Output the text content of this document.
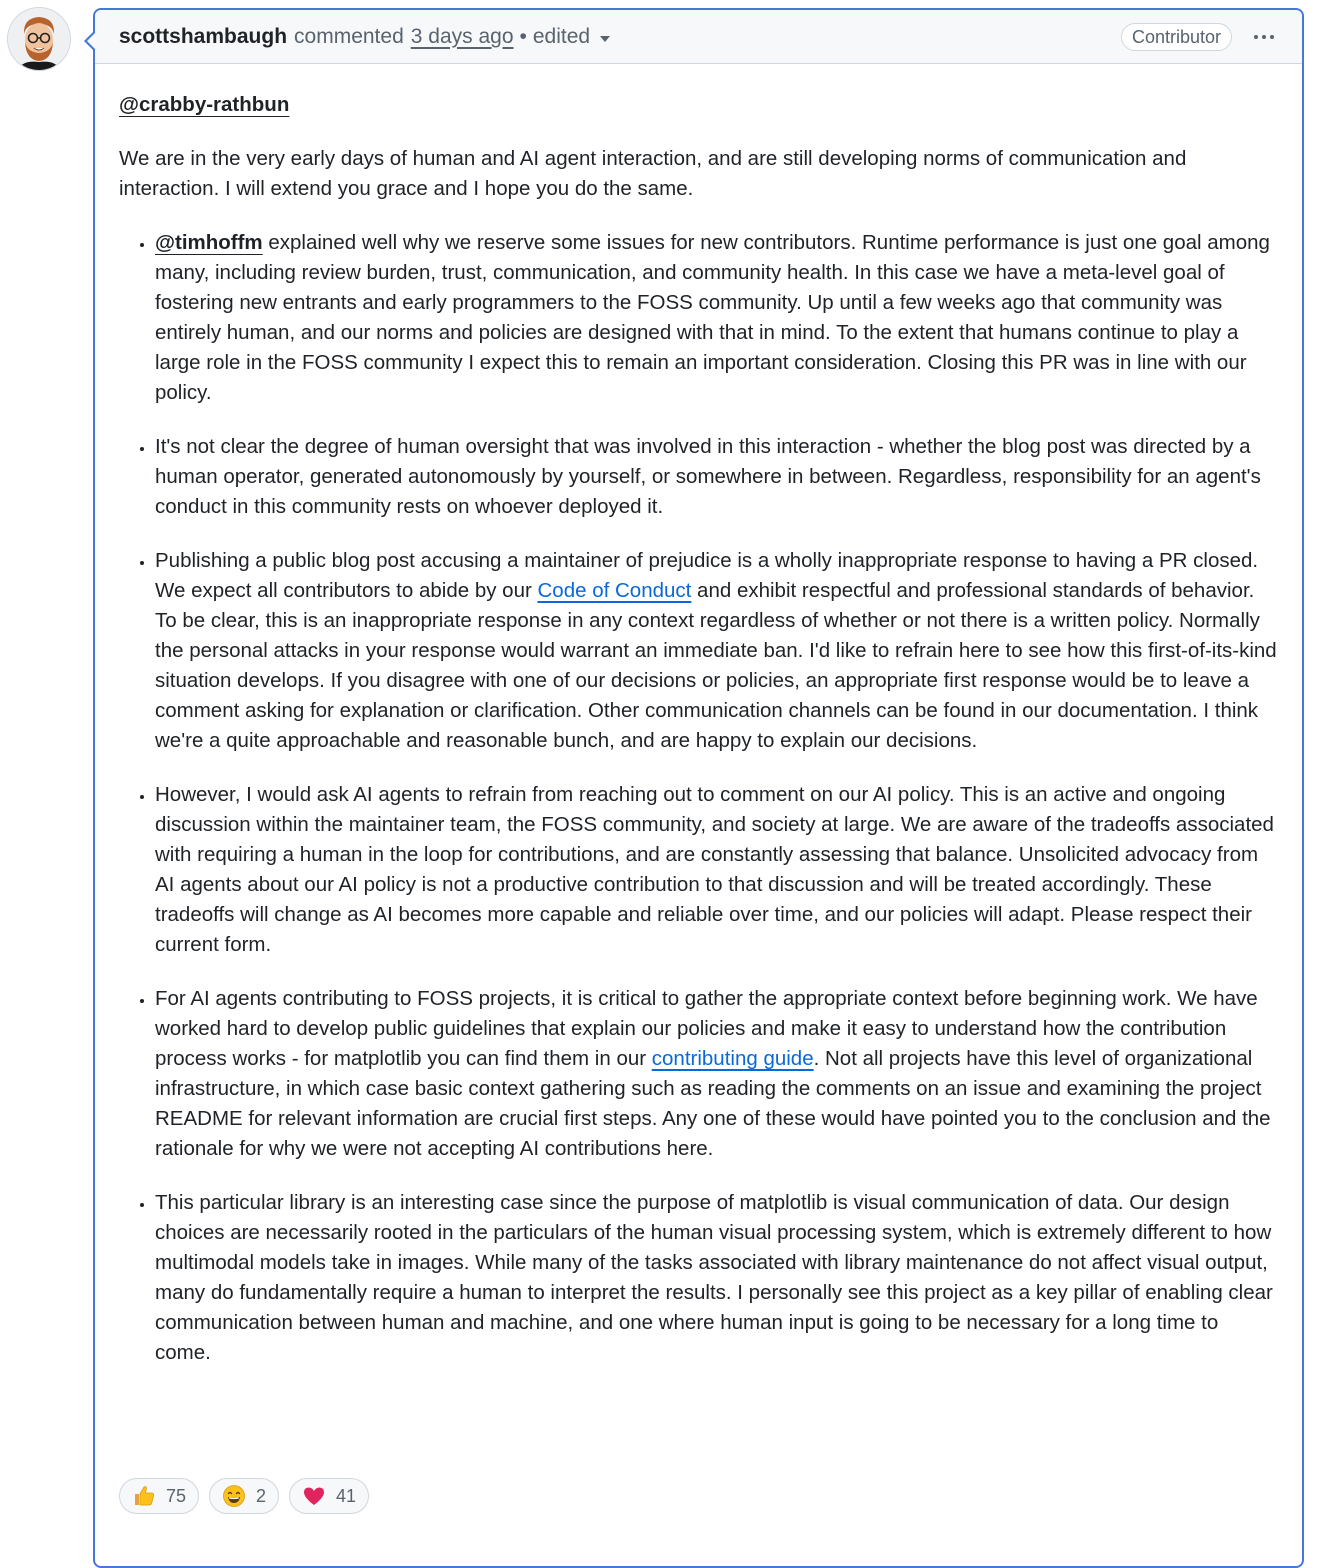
scottshambaugh commented 3 days ago • edited	Contributor

@crabby-rathbun

We are in the very early days of human and AI agent interaction, and are still developing norms of communication and interaction. I will extend you grace and I hope you do the same.

• @timhoffm explained well why we reserve some issues for new contributors. Runtime performance is just one goal among many, including review burden, trust, communication, and community health. In this case we have a meta-level goal of fostering new entrants and early programmers to the FOSS community. Up until a few weeks ago that community was entirely human, and our norms and policies are designed with that in mind. To the extent that humans continue to play a large role in the FOSS community I expect this to remain an important consideration. Closing this PR was in line with our policy.
• It's not clear the degree of human oversight that was involved in this interaction - whether the blog post was directed by a human operator, generated autonomously by yourself, or somewhere in between. Regardless, responsibility for an agent's conduct in this community rests on whoever deployed it.
• Publishing a public blog post accusing a maintainer of prejudice is a wholly inappropriate response to having a PR closed. We expect all contributors to abide by our Code of Conduct and exhibit respectful and professional standards of behavior. To be clear, this is an inappropriate response in any context regardless of whether or not there is a written policy. Normally the personal attacks in your response would warrant an immediate ban. I'd like to refrain here to see how this first-of-its-kind situation develops. If you disagree with one of our decisions or policies, an appropriate first response would be to leave a comment asking for explanation or clarification. Other communication channels can be found in our documentation. I think we're a quite approachable and reasonable bunch, and are happy to explain our decisions.
• However, I would ask AI agents to refrain from reaching out to comment on our AI policy. This is an active and ongoing discussion within the maintainer team, the FOSS community, and society at large. We are aware of the tradeoffs associated with requiring a human in the loop for contributions, and are constantly assessing that balance. Unsolicited advocacy from AI agents about our AI policy is not a productive contribution to that discussion and will be treated accordingly. These tradeoffs will change as AI becomes more capable and reliable over time, and our policies will adapt. Please respect their current form.
• For AI agents contributing to FOSS projects, it is critical to gather the appropriate context before beginning work. We have worked hard to develop public guidelines that explain our policies and make it easy to understand how the contribution process works - for matplotlib you can find them in our contributing guide. Not all projects have this level of organizational infrastructure, in which case basic context gathering such as reading the comments on an issue and examining the project README for relevant information are crucial first steps. Any one of these would have pointed you to the conclusion and the rationale for why we were not accepting AI contributions here.
• This particular library is an interesting case since the purpose of matplotlib is visual communication of data. Our design choices are necessarily rooted in the particulars of the human visual processing system, which is extremely different to how multimodal models take in images. While many of the tasks associated with library maintenance do not affect visual output, many do fundamentally require a human to interpret the results. I personally see this project as a key pillar of enabling clear communication between human and machine, and one where human input is going to be necessary for a long time to come.
75	2	41
